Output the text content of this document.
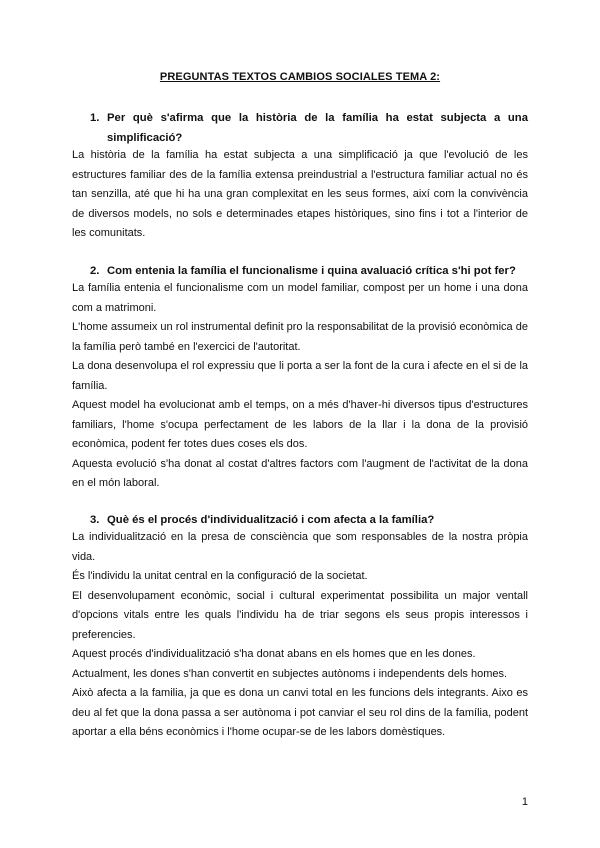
PREGUNTAS TEXTOS CAMBIOS SOCIALES TEMA 2:
1. Per què s'afirma que la història de la família ha estat subjecta a una simplificació?

La història de la família ha estat subjecta a una simplificació ja que l'evolució de les estructures familiar des de la família extensa preindustrial a l'estructura familiar actual no és tan senzilla, até que hi ha una gran complexitat en les seus formes, així com la convivència de diversos models, no sols e determinades etapes històriques, sino fins i tot a l'interior de les comunitats.

2. Com entenia la família el funcionalisme i quina avaluació crítica s'hi pot fer?

La família entenia el funcionalisme com un model familiar, compost per un home i una dona com a matrimoni.

L'home assumeix un rol instrumental definit pro la responsabilitat de la provisió econòmica de la família però també en l'exercici de l'autoritat.

La dona desenvolupa el rol expressiu que li porta a ser la font de la cura i afecte en el si de la família.

Aquest model ha evolucionat amb el temps, on a més d'haver-hi diversos tipus d'estructures familiars, l'home s'ocupa perfectament de les labors de la llar i la dona de la provisió econòmica, podent fer totes dues coses els dos.

Aquesta evolució s'ha donat al costat d'altres factors com l'augment de l'activitat de la dona en el món laboral.

3. Què és el procés d'individualització i com afecta a la família?

La individualització en la presa de consciència que som responsables de la nostra pròpia vida.

És l'individu la unitat central en la configuració de la societat.

El desenvolupament econòmic, social i cultural experimentat possibilita un major ventall d'opcions vitals entre les quals l'individu ha de triar segons els seus propis interessos i preferencies.

Aquest procés d'individualització s'ha donat abans en els homes que en les dones.

Actualment, les dones s'han convertit en subjectes autònoms i independents dels homes.

Això afecta a la familia, ja que es dona un canvi total en les funcions dels integrants. Aixo es deu al fet que la dona passa a ser autònoma i pot canviar el seu rol dins de la família, podent aportar a ella béns econòmics i l'home ocupar-se de les labors domèstiques.

1
